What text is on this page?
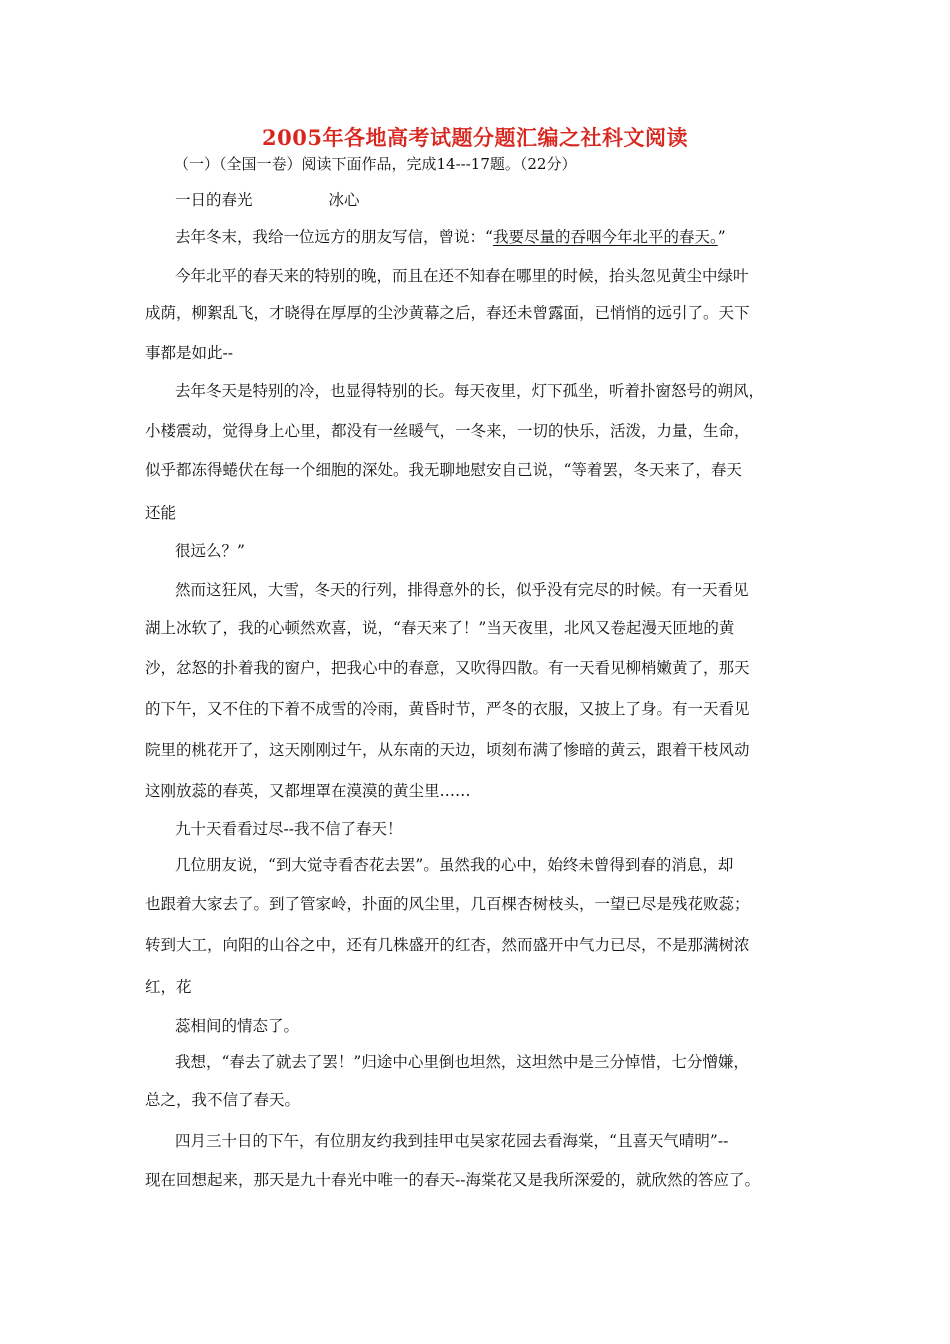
2005年各地高考试题分题汇编之社科文阅读
（一）（全国一卷）阅读下面作品，完成14---17题。（22分）
一日的春光	冰心
去年冬末，我给一位远方的朋友写信，曾说：“我要尽量的吞咽今年北平的春天。”
今年北平的春天来的特别的晚，而且在还不知春在哪里的时候，抬头忽见黄尘中绿叶
成荫，柳絮乱飞，才晓得在厚厚的尘沙黄幕之后，春还未曾露面，已悄悄的远引了。天下
事都是如此--
去年冬天是特别的冷，也显得特别的长。每天夜里，灯下孤坐，听着扑窗怒号的朔风，
小楼震动，觉得身上心里，都没有一丝暖气，一冬来，一切的快乐，活泼，力量，生命，
似乎都冻得蜷伏在每一个细胞的深处。我无聊地慰安自己说，“等着罢，冬天来了，春天
还能
很远么？”
然而这狂风，大雪，冬天的行列，排得意外的长，似乎没有完尽的时候。有一天看见
湖上冰软了，我的心顿然欢喜，说，“春天来了！”当天夜里，北风又卷起漫天匝地的黄
沙，忿怒的扑着我的窗户，把我心中的春意，又吹得四散。有一天看见柳梢嫩黄了，那天
的下午，又不住的下着不成雪的冷雨，黄昏时节，严冬的衣服，又披上了身。有一天看见
院里的桃花开了，这天刚刚过午，从东南的天边，顷刻布满了惨暗的黄云，跟着干枝风动
这刚放蕊的春英，又都埋罩在漠漠的黄尘里……
九十天看看过尽--我不信了春天！
几位朋友说，“到大觉寺看杏花去罢”。虽然我的心中，始终未曾得到春的消息，却
也跟着大家去了。到了管家岭，扑面的风尘里，几百棵杏树枝头，一望已尽是残花败蕊；
转到大工，向阳的山谷之中，还有几株盛开的红杏，然而盛开中气力已尽，不是那满树浓
红，花
蕊相间的情态了。
我想，“春去了就去了罢！”归途中心里倒也坦然，这坦然中是三分悼惜，七分憎嫌，
总之，我不信了春天。
四月三十日的下午，有位朋友约我到挂甲屯吴家花园去看海棠，“且喜天气晴明”--
现在回想起来，那天是九十春光中唯一的春天--海棠花又是我所深爱的，就欣然的答应了。
